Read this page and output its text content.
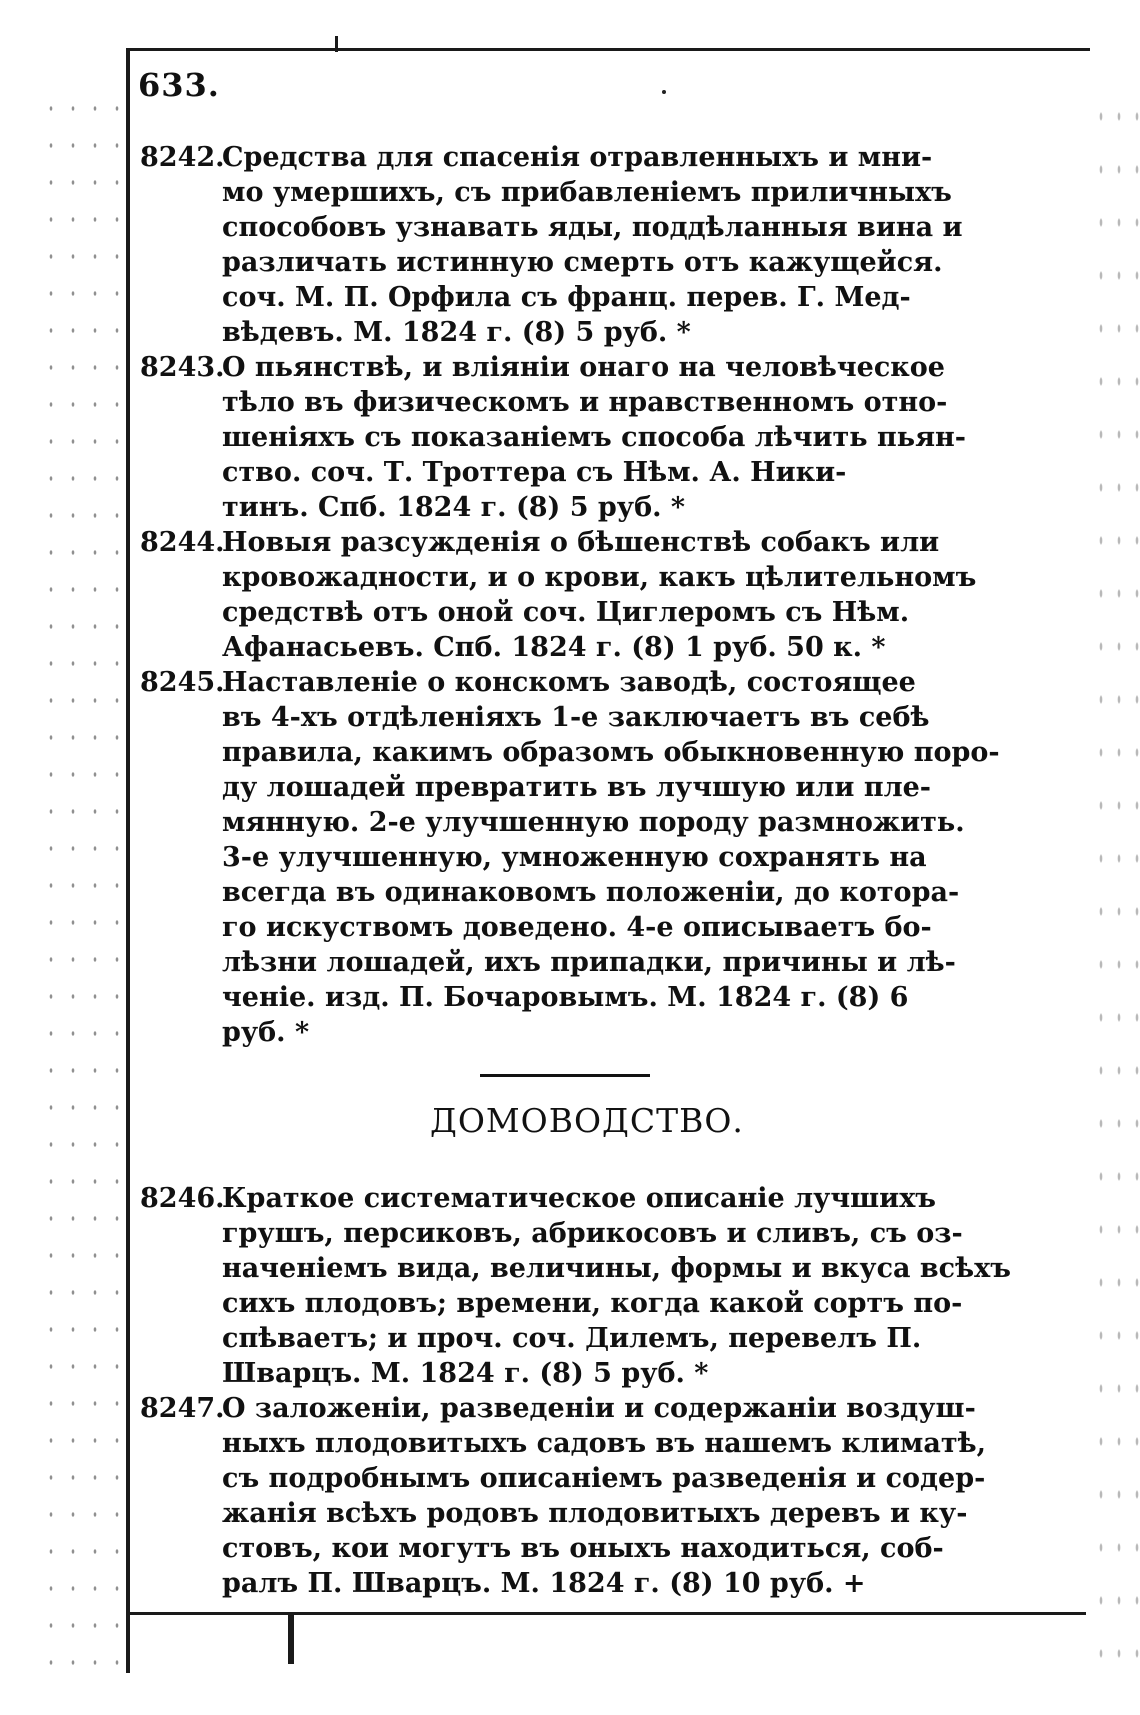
633.
8242.Средства для спасенія отравленныхъ и мни-
мо умершихъ, съ прибавленіемъ приличныхъ
способовъ узнавать яды, поддѣланныя вина и
различать истинную смерть отъ кажущейся.
соч. М. П. Орфила съ франц. перев. Г. Мед-
вѣдевъ. М. 1824 г. (8) 5 руб. *
8243.О пьянствѣ, и вліяніи онаго на человѣческое
тѣло въ физическомъ и нравственномъ отно-
шеніяхъ съ показаніемъ способа лѣчить пьян-
ство. соч. Т. Троттера съ Нѣм. А. Ники-
тинъ. Спб. 1824 г. (8) 5 руб. *
8244.Новыя разсужденія о бѣшенствѣ собакъ или
кровожадности, и о крови, какъ цѣлительномъ
средствѣ отъ оной соч. Циглеромъ съ Нѣм.
Афанасьевъ. Спб. 1824 г. (8) 1 руб. 50 к. *
8245.Наставленіе о конскомъ заводѣ, состоящее
въ 4-хъ отдѣленіяхъ 1-е заключаетъ въ себѣ
правила, какимъ образомъ обыкновенную поро-
ду лошадей превратить въ лучшую или пле-
мянную. 2-е улучшенную породу размножить.
3-е улучшенную, умноженную сохранять на
всегда въ одинаковомъ положеніи, до котора-
го искуствомъ доведено. 4-е описываетъ бо-
лѣзни лошадей, ихъ припадки, причины и лѣ-
ченіе. изд. П. Бочаровымъ. М. 1824 г. (8) 6
руб. *
ДОМОВОДСТВО.
8246.Краткое систематическое описаніе лучшихъ
грушъ, персиковъ, абрикосовъ и сливъ, съ оз-
наченіемъ вида, величины, формы и вкуса всѣхъ
сихъ плодовъ; времени, когда какой сортъ по-
спѣваетъ; и проч. соч. Дилемъ, перевелъ П.
Шварцъ. М. 1824 г. (8) 5 руб. *
8247.О заложеніи, разведеніи и содержаніи воздуш-
ныхъ плодовитыхъ садовъ въ нашемъ климатѣ,
съ подробнымъ описаніемъ разведенія и содер-
жанія всѣхъ родовъ плодовитыхъ деревъ и ку-
стовъ, кои могутъ въ оныхъ находиться, соб-
ралъ П. Шварцъ. М. 1824 г. (8) 10 руб. +
